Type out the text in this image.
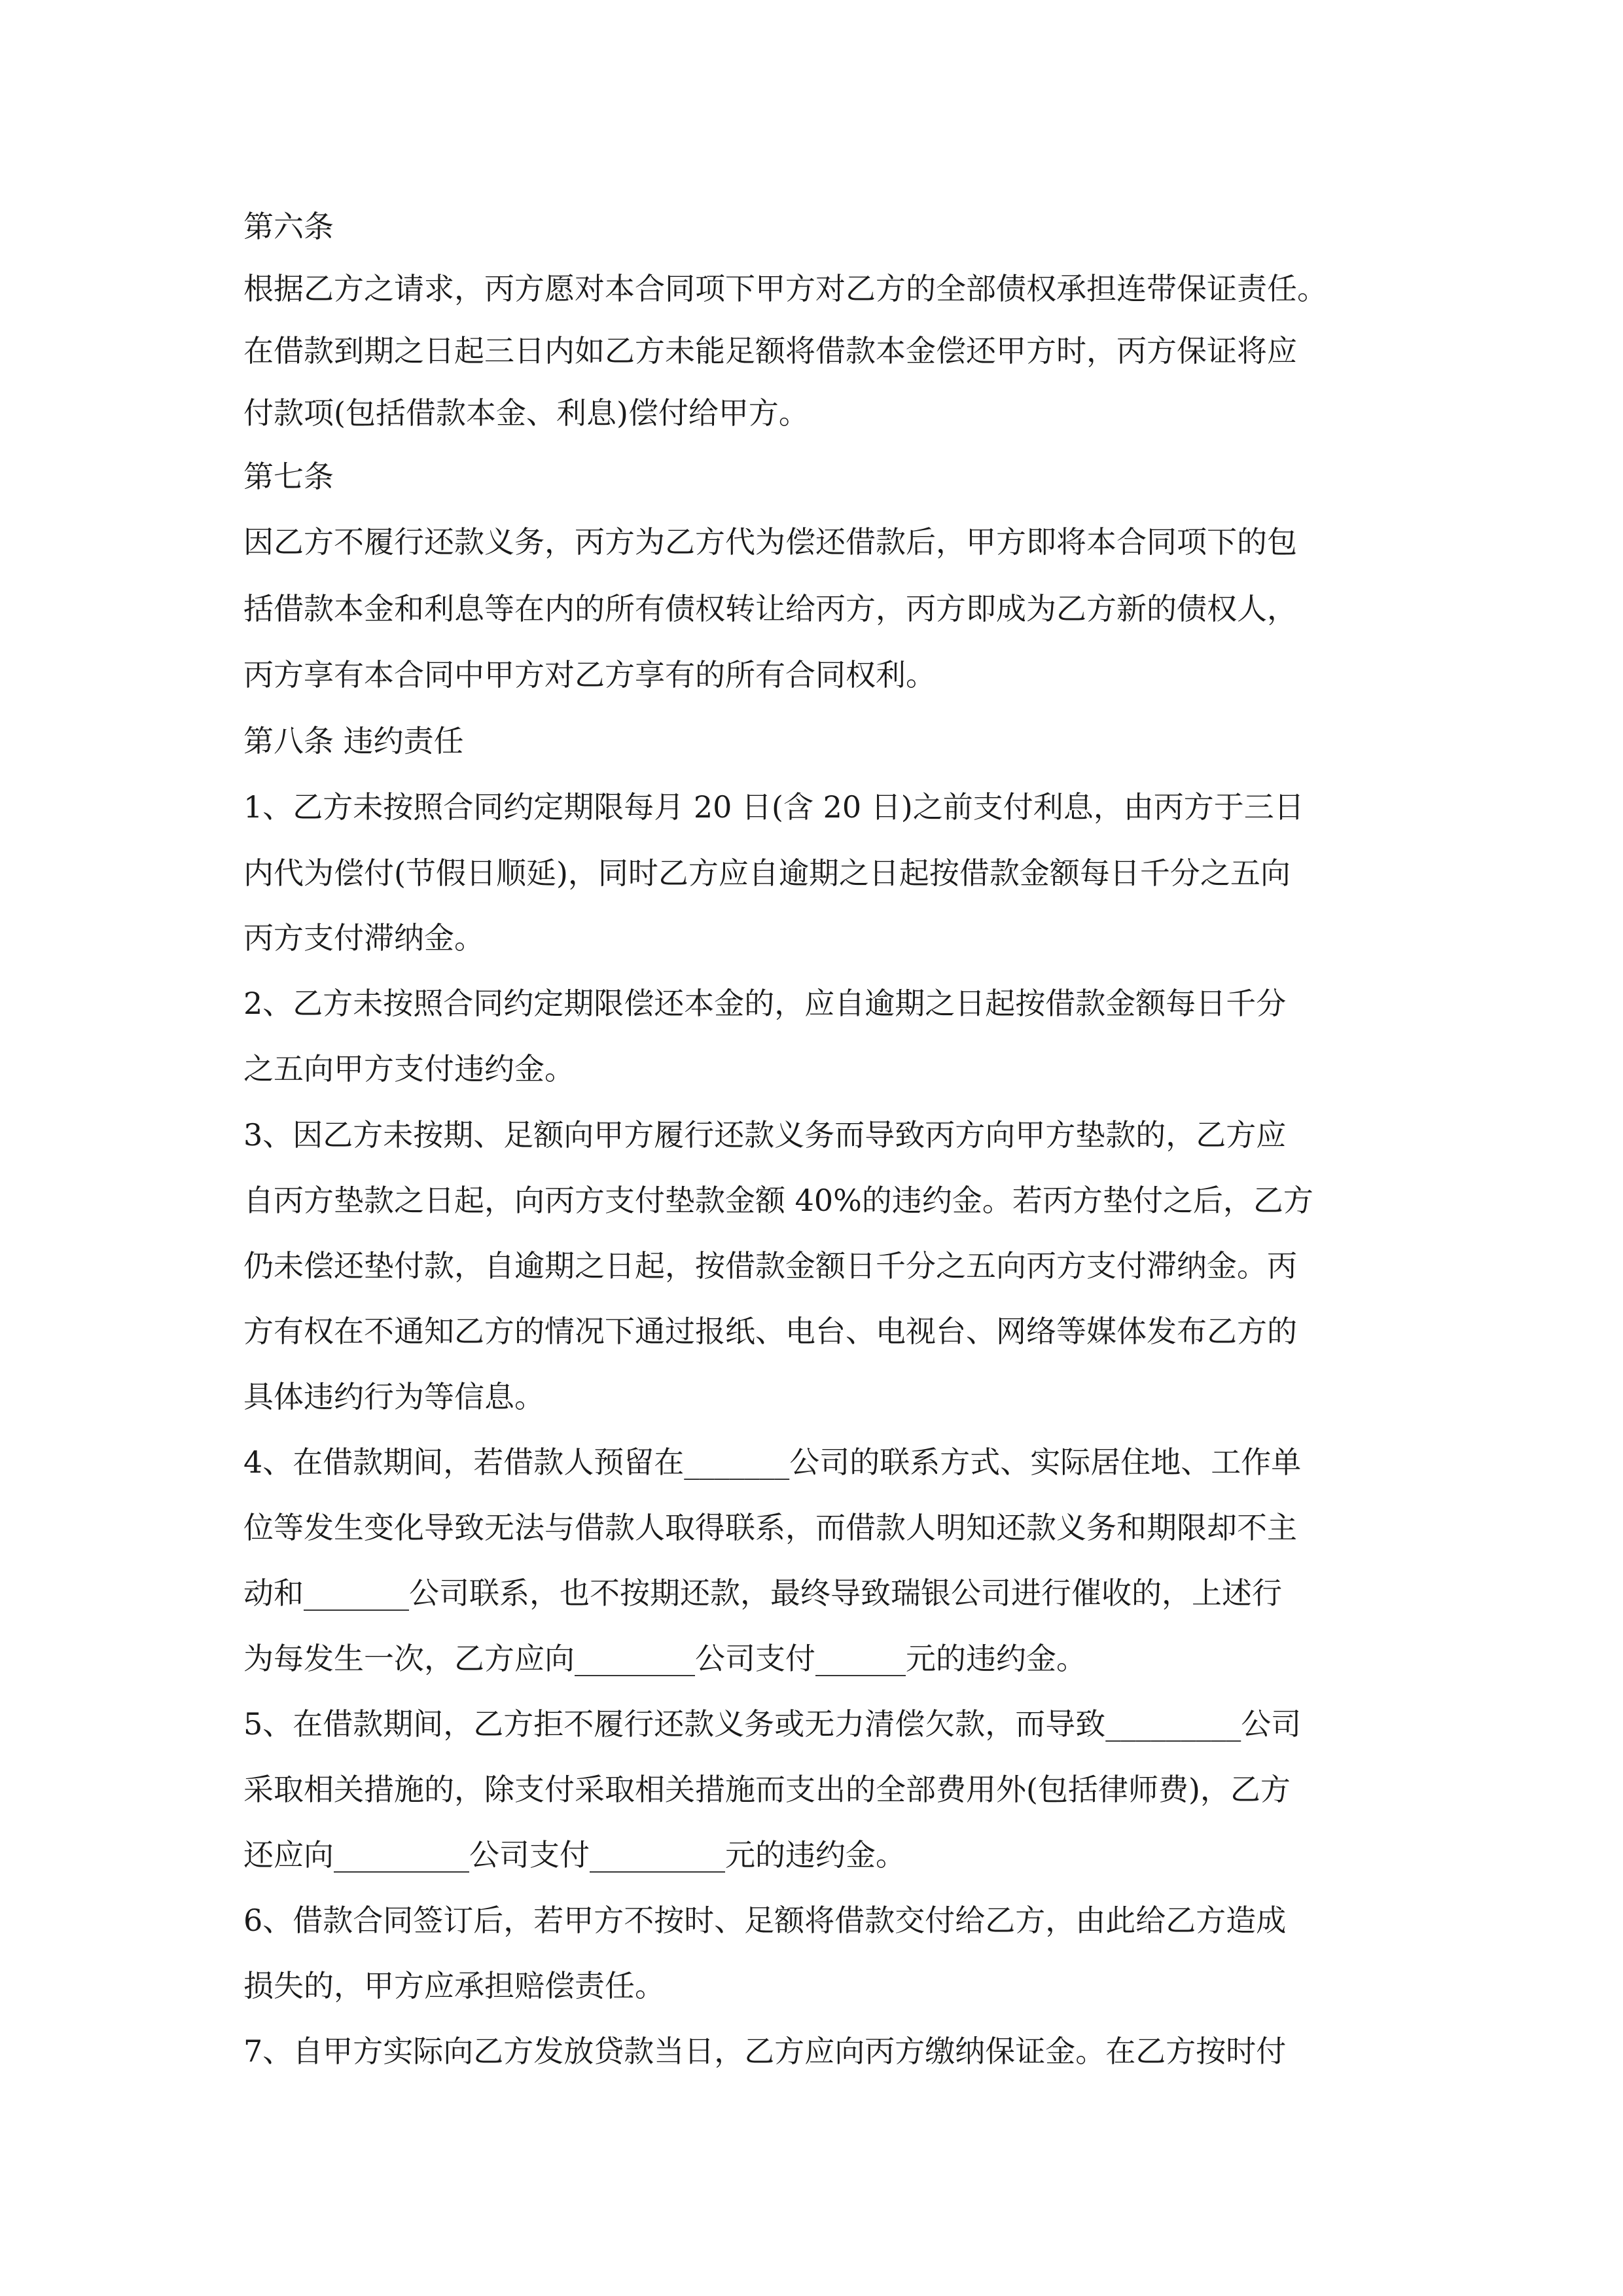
第六条
根据乙方之请求，丙方愿对本合同项下甲方对乙方的全部债权承担连带保证责任。
在借款到期之日起三日内如乙方未能足额将借款本金偿还甲方时，丙方保证将应
付款项(包括借款本金、利息)偿付给甲方。
第七条
因乙方不履行还款义务，丙方为乙方代为偿还借款后，甲方即将本合同项下的包
括借款本金和利息等在内的所有债权转让给丙方，丙方即成为乙方新的债权人，
丙方享有本合同中甲方对乙方享有的所有合同权利。
第八条 违约责任
1、乙方未按照合同约定期限每月 20 日(含 20 日)之前支付利息，由丙方于三日
内代为偿付(节假日顺延)，同时乙方应自逾期之日起按借款金额每日千分之五向
丙方支付滞纳金。
2、乙方未按照合同约定期限偿还本金的，应自逾期之日起按借款金额每日千分
之五向甲方支付违约金。
3、因乙方未按期、足额向甲方履行还款义务而导致丙方向甲方垫款的，乙方应
自丙方垫款之日起，向丙方支付垫款金额 40%的违约金。若丙方垫付之后，乙方
仍未偿还垫付款，自逾期之日起，按借款金额日千分之五向丙方支付滞纳金。丙
方有权在不通知乙方的情况下通过报纸、电台、电视台、网络等媒体发布乙方的
具体违约行为等信息。
4、在借款期间，若借款人预留在_______公司的联系方式、实际居住地、工作单
位等发生变化导致无法与借款人取得联系，而借款人明知还款义务和期限却不主
动和_______公司联系，也不按期还款，最终导致瑞银公司进行催收的，上述行
为每发生一次，乙方应向________公司支付______元的违约金。
5、在借款期间，乙方拒不履行还款义务或无力清偿欠款，而导致_________公司
采取相关措施的，除支付采取相关措施而支出的全部费用外(包括律师费)，乙方
还应向_________公司支付_________元的违约金。
6、借款合同签订后，若甲方不按时、足额将借款交付给乙方，由此给乙方造成
损失的，甲方应承担赔偿责任。
7、自甲方实际向乙方发放贷款当日，乙方应向丙方缴纳保证金。在乙方按时付
